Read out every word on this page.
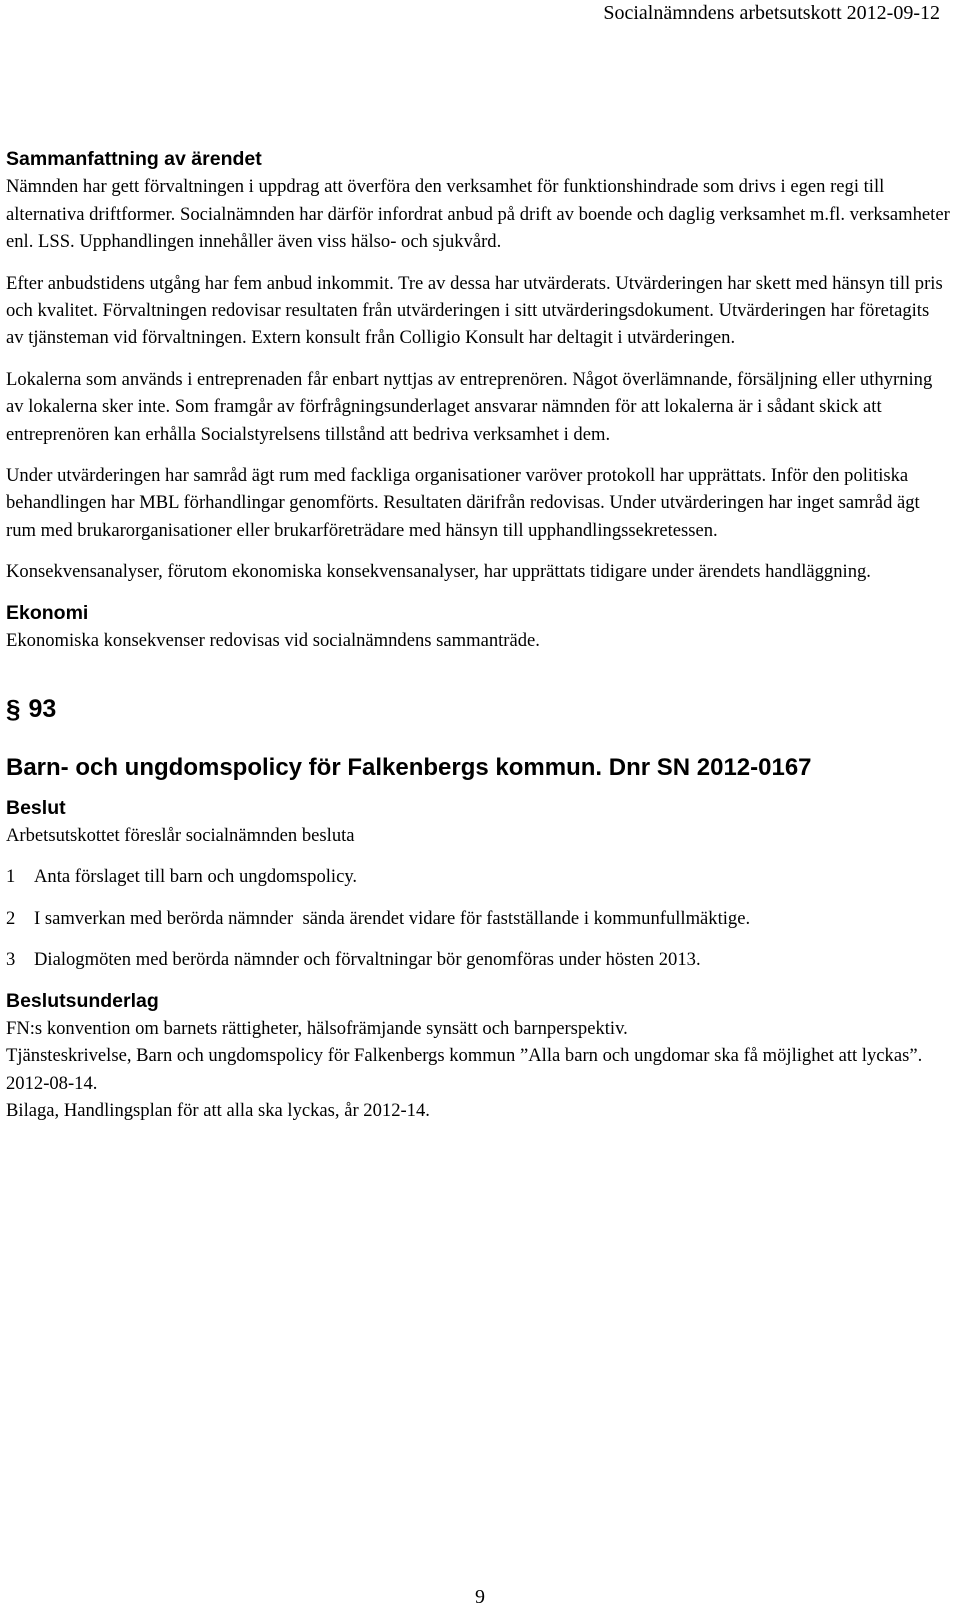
Socialnämndens arbetsutskott 2012-09-12
Sammanfattning av ärendet

Nämnden har gett förvaltningen i uppdrag att överföra den verksamhet för funktionshindrade som drivs i egen regi till alternativa driftformer. Socialnämnden har därför infordrat anbud på drift av boende och daglig verksamhet m.fl. verksamheter enl. LSS. Upphandlingen innehåller även viss hälso- och sjukvård.

Efter anbudstidens utgång har fem anbud inkommit. Tre av dessa har utvärderats. Utvärderingen har skett med hänsyn till pris och kvalitet. Förvaltningen redovisar resultaten från utvärderingen i sitt utvärderingsdokument. Utvärderingen har företagits av tjänsteman vid förvaltningen. Extern konsult från Colligio Konsult har deltagit i utvärderingen.

Lokalerna som används i entreprenaden får enbart nyttjas av entreprenören. Något överlämnande, försäljning eller uthyrning av lokalerna sker inte. Som framgår av förfrågningsunderlaget ansvarar nämnden för att lokalerna är i sådant skick att entreprenören kan erhålla Socialstyrelsens tillstånd att bedriva verksamhet i dem.

Under utvärderingen har samråd ägt rum med fackliga organisationer varöver protokoll har upprättats. Inför den politiska behandlingen har MBL förhandlingar genomförts. Resultaten därifrån redovisas. Under utvärderingen har inget samråd ägt rum med brukarorganisationer eller brukarföreträdare med hänsyn till upphandlingssekretessen.

Konsekvensanalyser, förutom ekonomiska konsekvensanalyser, har upprättats tidigare under ärendets handläggning.

Ekonomi

Ekonomiska konsekvenser redovisas vid socialnämndens sammanträde.

§ 93
Barn- och ungdomspolicy för Falkenbergs kommun. Dnr SN 2012-0167
Beslut

Arbetsutskottet föreslår socialnämnden besluta

1	Anta förslaget till barn och ungdomspolicy.
2	I samverkan med berörda nämnder  sända ärendet vidare för fastställande i kommunfullmäktige.
3	Dialogmöten med berörda nämnder och förvaltningar bör genomföras under hösten 2013.
Beslutsunderlag

FN:s konvention om barnets rättigheter, hälsofrämjande synsätt och barnperspektiv.

Tjänsteskrivelse, Barn och ungdomspolicy för Falkenbergs kommun ”Alla barn och ungdomar ska få möjlighet att lyckas”. 2012-08-14.

Bilaga, Handlingsplan för att alla ska lyckas, år 2012-14.

9
